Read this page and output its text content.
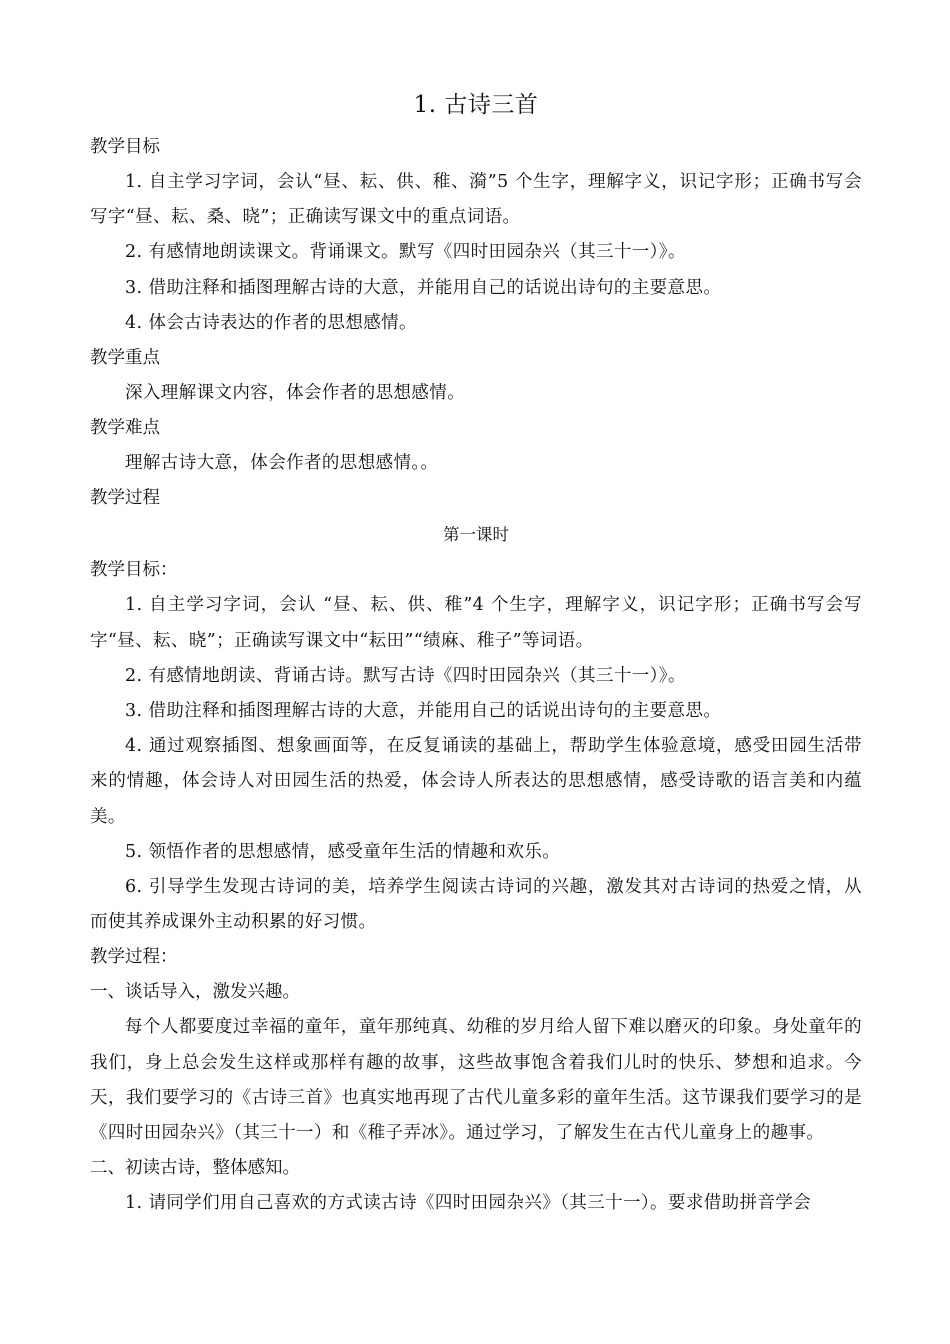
1. 古诗三首
教学目标
1. 自主学习字词，会认“昼、耘、供、稚、漪”5 个生字，理解字义，识记字形；正确书写会写字“昼、耘、桑、晓”；正确读写课文中的重点词语。
2. 有感情地朗读课文。背诵课文。默写《四时田园杂兴（其三十一）》。
3. 借助注释和插图理解古诗的大意，并能用自己的话说出诗句的主要意思。
4. 体会古诗表达的作者的思想感情。
教学重点
深入理解课文内容，体会作者的思想感情。
教学难点
理解古诗大意，体会作者的思想感情。。
教学过程
第一课时
教学目标：
1. 自主学习字词，会认 “昼、耘、供、稚”4 个生字，理解字义，识记字形；正确书写会写字“昼、耘、晓”；正确读写课文中“耘田”“绩麻、稚子”等词语。
2. 有感情地朗读、背诵古诗。默写古诗《四时田园杂兴（其三十一）》。
3. 借助注释和插图理解古诗的大意，并能用自己的话说出诗句的主要意思。
4. 通过观察插图、想象画面等，在反复诵读的基础上，帮助学生体验意境，感受田园生活带来的情趣，体会诗人对田园生活的热爱，体会诗人所表达的思想感情，感受诗歌的语言美和内蕴美。
5. 领悟作者的思想感情，感受童年生活的情趣和欢乐。
6. 引导学生发现古诗词的美，培养学生阅读古诗词的兴趣，激发其对古诗词的热爱之情，从而使其养成课外主动积累的好习惯。
教学过程：
一、谈话导入，激发兴趣。
每个人都要度过幸福的童年，童年那纯真、幼稚的岁月给人留下难以磨灭的印象。身处童年的我们，身上总会发生这样或那样有趣的故事，这些故事饱含着我们儿时的快乐、梦想和追求。今天，我们要学习的《古诗三首》也真实地再现了古代儿童多彩的童年生活。这节课我们要学习的是《四时田园杂兴》（其三十一）和《稚子弄冰》。通过学习，了解发生在古代儿童身上的趣事。
二、初读古诗，整体感知。
1. 请同学们用自己喜欢的方式读古诗《四时田园杂兴》（其三十一）。要求借助拼音学会
